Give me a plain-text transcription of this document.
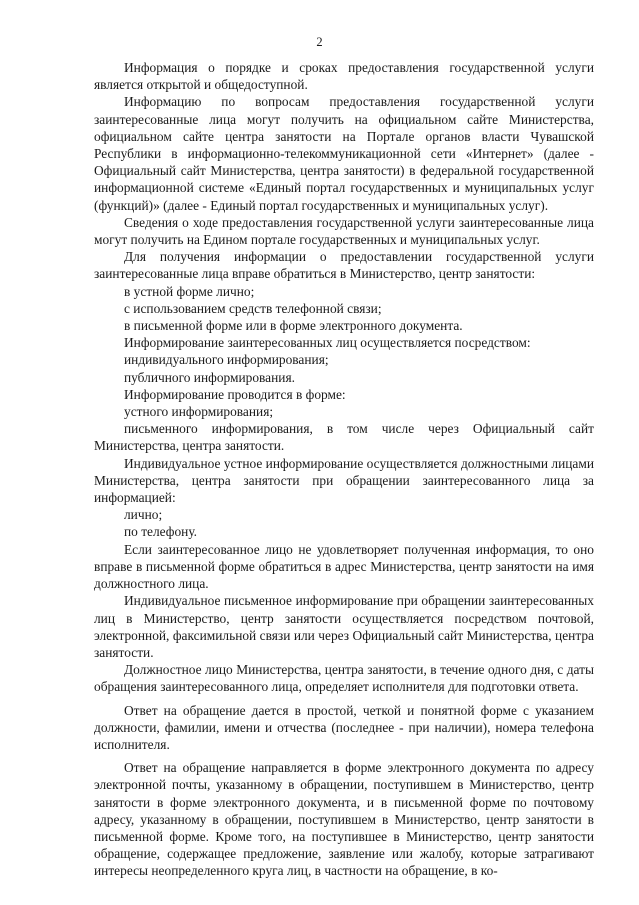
2

Информация о порядке и сроках предоставления государственной услуги является открытой и общедоступной.

Информацию по вопросам предоставления государственной услуги заинтересованные лица могут получить на официальном сайте Министерства, официальном сайте центра занятости на Портале органов власти Чувашской Республики в информационно-телекоммуникационной сети «Интернет» (далее - Официальный сайт Министерства, центра занятости) в федеральной государственной информационной системе «Единый портал государственных и муниципальных услуг (функций)» (далее - Единый портал государственных и муниципальных услуг).

Сведения о ходе предоставления государственной услуги заинтересованные лица могут получить на Едином портале государственных и муниципальных услуг.

Для получения информации о предоставлении государственной услуги заинтересованные лица вправе обратиться в Министерство, центр занятости:

в устной форме лично;

с использованием средств телефонной связи;

в письменной форме или в форме электронного документа.

Информирование заинтересованных лиц осуществляется посредством:

индивидуального информирования;

публичного информирования.

Информирование проводится в форме:

устного информирования;

письменного информирования, в том числе через Официальный сайт Министерства, центра занятости.

Индивидуальное устное информирование осуществляется должностными лицами Министерства, центра занятости при обращении заинтересованного лица за информацией:

лично;

по телефону.

Если заинтересованное лицо не удовлетворяет полученная информация, то оно вправе в письменной форме обратиться в адрес Министерства, центр занятости на имя должностного лица.

Индивидуальное письменное информирование при обращении заинтересованных лиц в Министерство, центр занятости осуществляется посредством почтовой, электронной, факсимильной связи или через Официальный сайт Министерства, центра занятости.

Должностное лицо Министерства, центра занятости, в течение одного дня, с даты обращения заинтересованного лица, определяет исполнителя для подготовки ответа.

Ответ на обращение дается в простой, четкой и понятной форме с указанием должности, фамилии, имени и отчества (последнее - при наличии), номера телефона исполнителя.

Ответ на обращение направляется в форме электронного документа по адресу электронной почты, указанному в обращении, поступившем в Министерство, центр занятости в форме электронного документа, и в письменной форме по почтовому адресу, указанному в обращении, поступившем в Министерство, центр занятости в письменной форме. Кроме того, на поступившее в Министерство, центр занятости обращение, содержащее предложение, заявление или жалобу, которые затрагивают интересы неопределенного круга лиц, в частности на обращение, в ко-
